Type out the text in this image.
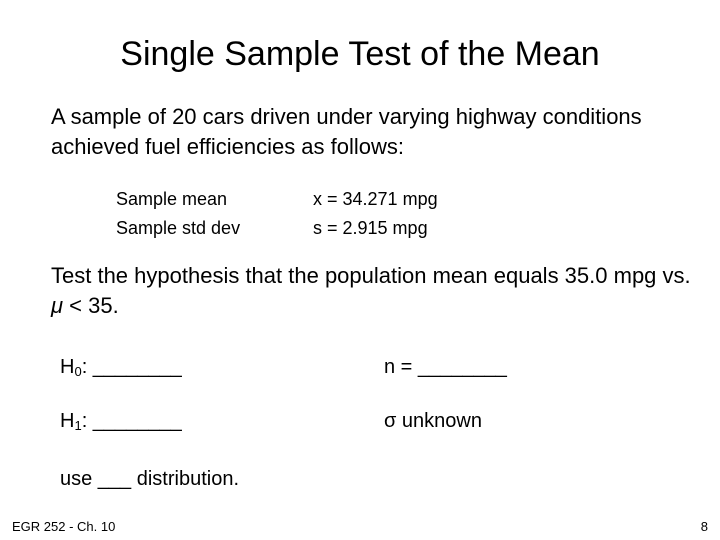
Single Sample Test of the Mean
A sample of 20 cars driven under varying highway conditions achieved fuel efficiencies as follows:
Sample mean	x = 34.271 mpg
Sample std dev	s = 2.915 mpg
Test the hypothesis that the population mean equals 35.0 mpg vs. μ < 35.
$H_0$: ________	n = ________
$H_1$: ________	σ unknown
use ___ distribution.
EGR 252 - Ch. 10	8
